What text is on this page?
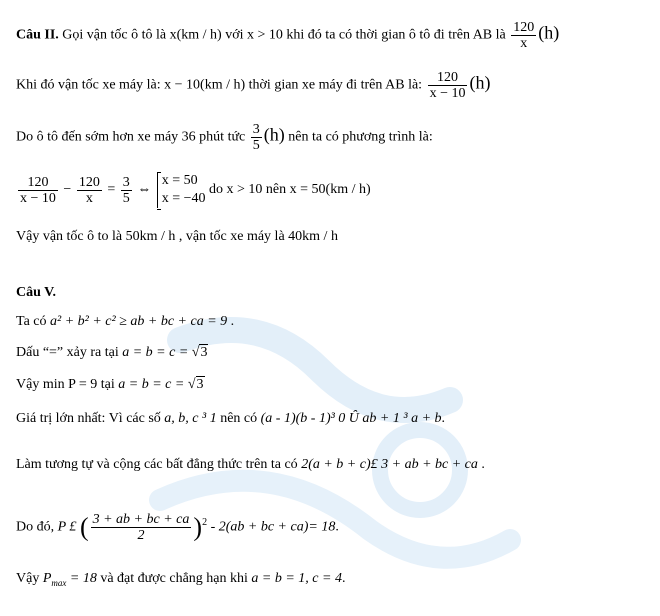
Câu II. Gọi vận tốc ô tô là x(km / h) với x > 10 khi đó ta có thời gian ô tô đi trên AB là $\frac{120}{x} (h)$
Khi đó vận tốc xe máy là: x − 10(km / h) thời gian xe máy đi trên AB là: $\frac{120}{x - 10} (h)$
Do ô tô đến sớm hơn xe máy 36 phút tức $\frac{3}{5} (h)$ nên ta có phương trình là:
$\frac{120}{x - 10} - \frac{120}{x} = \frac{3}{5}$ ⇔
x = 50
x = −40
do x > 10 nên x = 50(km / h)
Vậy vận tốc ô to là 50km / h , vận tốc xe máy là 40km / h
Câu V.
Ta có a² + b² + c² ≥ ab + bc + ca = 9 .
Dấu “=” xảy ra tại a = b = c = √3
Vậy min P = 9 tại a = b = c = √3
Giá trị lớn nhất: Vì các số a, b, c ³ 1 nên có (a - 1)(b - 1)³ 0 Û ab + 1 ³ a + b.
Làm tương tự và cộng các bất đẳng thức trên ta có 2(a + b + c)£ 3 + ab + bc + ca .
Do đó, P £ ( $\frac{3 + ab + bc + ca}{2} )^2 - 2(ab$ + bc + ca)= 18.
Vậy $P_{max} = 18$ và đạt được chẳng hạn khi a = b = 1, c = 4.
